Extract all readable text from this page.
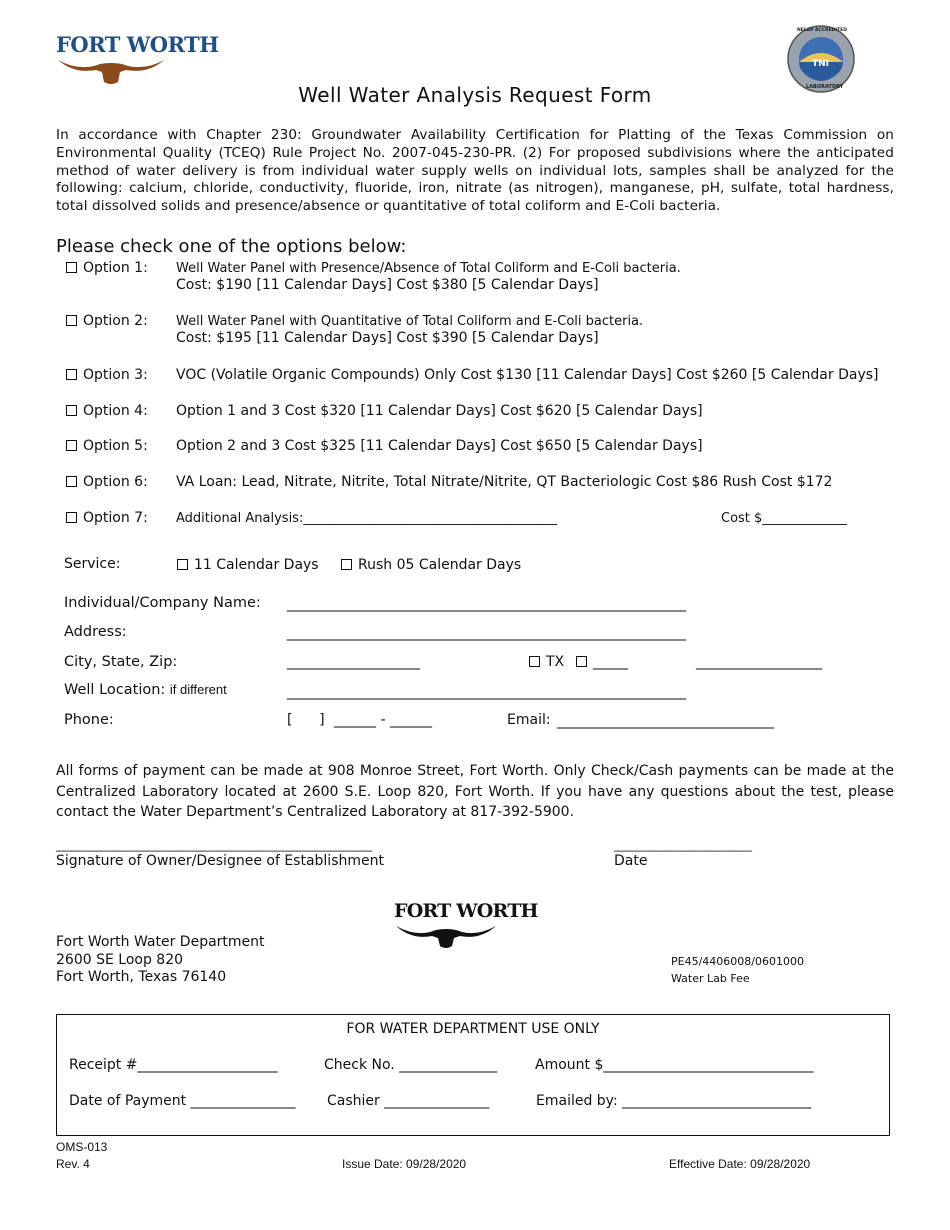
FORT WORTH
TNI
NELAP ACCREDITED
LABORATORY
Well Water Analysis Request Form
In accordance with Chapter 230: Groundwater Availability Certification for Platting of the Texas Commission on Environmental Quality (TCEQ) Rule Project No. 2007-045-230-PR. (2) For proposed subdivisions where the anticipated method of water delivery is from individual water supply wells on individual lots, samples shall be analyzed for the following: calcium, chloride, conductivity, fluoride, iron, nitrate (as nitrogen), manganese, pH, sulfate, total hardness, total dissolved solids and presence/absence or quantitative of total coliform and E-Coli bacteria.
Please check one of the options below:
Option 1: Well Water Panel with Presence/Absence of Total Coliform and E-Coli bacteria.
Cost: $190 [11 Calendar Days] Cost $380 [5 Calendar Days]
Option 2: Well Water Panel with Quantitative of Total Coliform and E-Coli bacteria.
Cost: $195 [11 Calendar Days] Cost $390 [5 Calendar Days]
Option 3: VOC (Volatile Organic Compounds) Only Cost $130 [11 Calendar Days] Cost $260 [5 Calendar Days]
Option 4: Option 1 and 3 Cost $320 [11 Calendar Days] Cost $620 [5 Calendar Days]
Option 5: Option 2 and 3 Cost $325 [11 Calendar Days] Cost $650 [5 Calendar Days]
Option 6: VA Loan: Lead, Nitrate, Nitrite, Total Nitrate/Nitrite, QT Bacteriologic Cost $86 Rush Cost $172
Option 7: Additional Analysis:_______________________________________	Cost $_____________
Service:	11 Calendar Days	Rush 05 Calendar Days
Individual/Company Name: _________________________________________________________
Address:	_________________________________________________________
City, State, Zip:	___________________	TX	_____	__________________
Well Location: if different	_________________________________________________________
Phone:	[      ] ______ - ______	Email: _______________________________
All forms of payment can be made at 908 Monroe Street, Fort Worth. Only Check/Cash payments can be made at the Centralized Laboratory located at 2600 S.E. Loop 820, Fort Worth. If you have any questions about the test, please contact the Water Department’s Centralized Laboratory at 817-392-5900.
_______________________________________________________
Signature of Owner/Designee of Establishment
________________________
Date
FORT WORTH
Fort Worth Water Department
2600 SE Loop 820
Fort Worth, Texas 76140
PE45/4406008/0601000
Water Lab Fee
FOR WATER DEPARTMENT USE ONLY
Receipt #____________________	Check No. ______________	Amount $______________________________
Date of Payment _______________ Cashier _______________	Emailed by: ___________________________
OMS-013
Rev. 4	Issue Date: 09/28/2020	Effective Date: 09/28/2020
